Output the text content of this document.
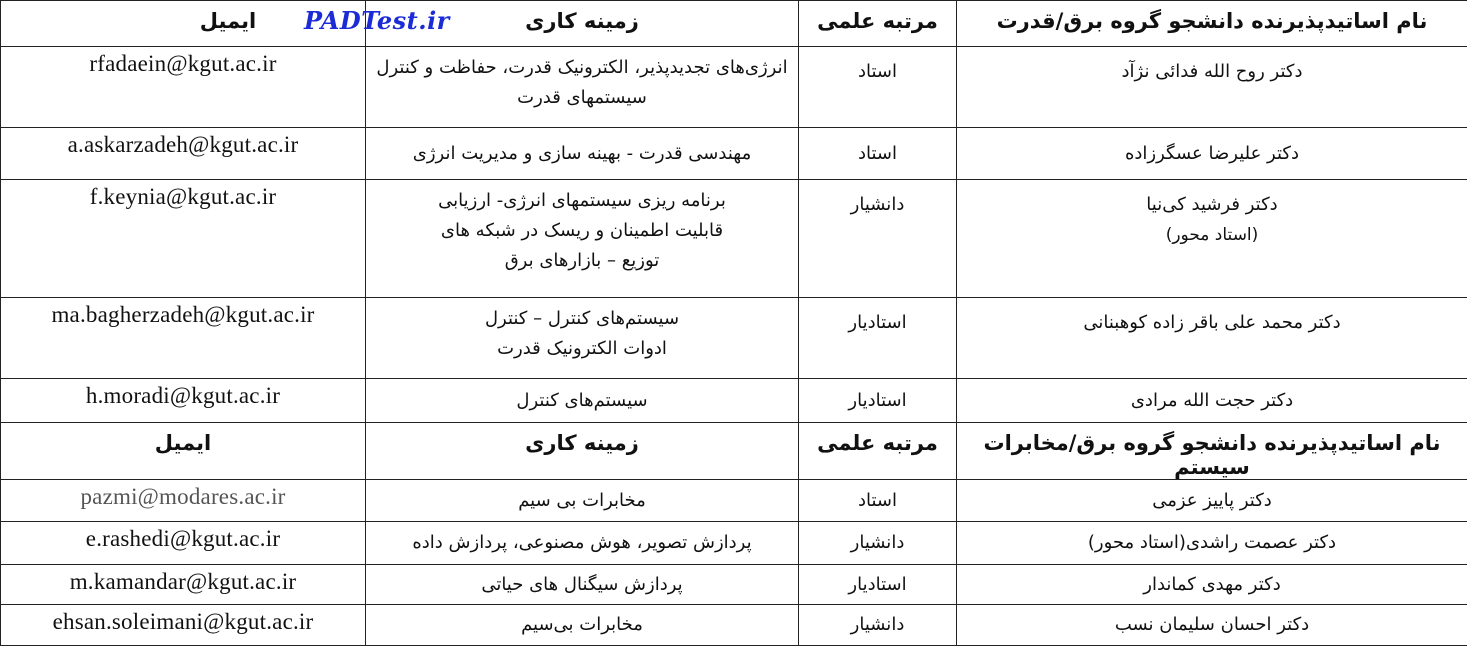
ایمیل	زمینه کاری	مرتبه علمی	نام اساتیدپذیرنده دانشجو گروه برق/قدرت
rfadaein@kgut.ac.ir	انرژی‌های تجدیدپذیر، الکترونیک قدرت، حفاظت و کنترل سیستمهای قدرت	استاد	دکتر روح الله فدائی نژآد
a.askarzadeh@kgut.ac.ir	مهندسی قدرت - بهینه سازی و مدیریت انرژی	استاد	دکتر علیرضا عسگرزاده
f.keynia@kgut.ac.ir	برنامه ریزی سیستمهای انرژی- ارزیابی قابلیت اطمینان و ریسک در شبکه های توزیع – بازارهای برق	دانشیار	دکتر فرشید کی‌نیا
(استاد محور)

ma.bagherzadeh@kgut.ac.ir	سیستم‌های کنترل – کنترل ادوات الکترونیک قدرت	استادیار	دکتر محمد علی باقر زاده کوهبنانی
h.moradi@kgut.ac.ir	سیستم‌های کنترل	استادیار	دکتر حجت الله مرادی
ایمیل	زمینه کاری	مرتبه علمی	نام اساتیدپذیرنده دانشجو گروه برق/مخابرات سیستم
pazmi@modares.ac.ir	مخابرات بی سیم	استاد	دکتر پاییز عزمی
e.rashedi@kgut.ac.ir	پردازش تصویر، هوش مصنوعی، پردازش داده	دانشیار	دکتر عصمت راشدی(استاد محور)
m.kamandar@kgut.ac.ir	پردازش سیگنال های حیاتی	استادیار	دکتر مهدی کماندار
ehsan.soleimani@kgut.ac.ir	مخابرات بی‌سیم	دانشیار	دکتر احسان سلیمان نسب
PADTest.ir
